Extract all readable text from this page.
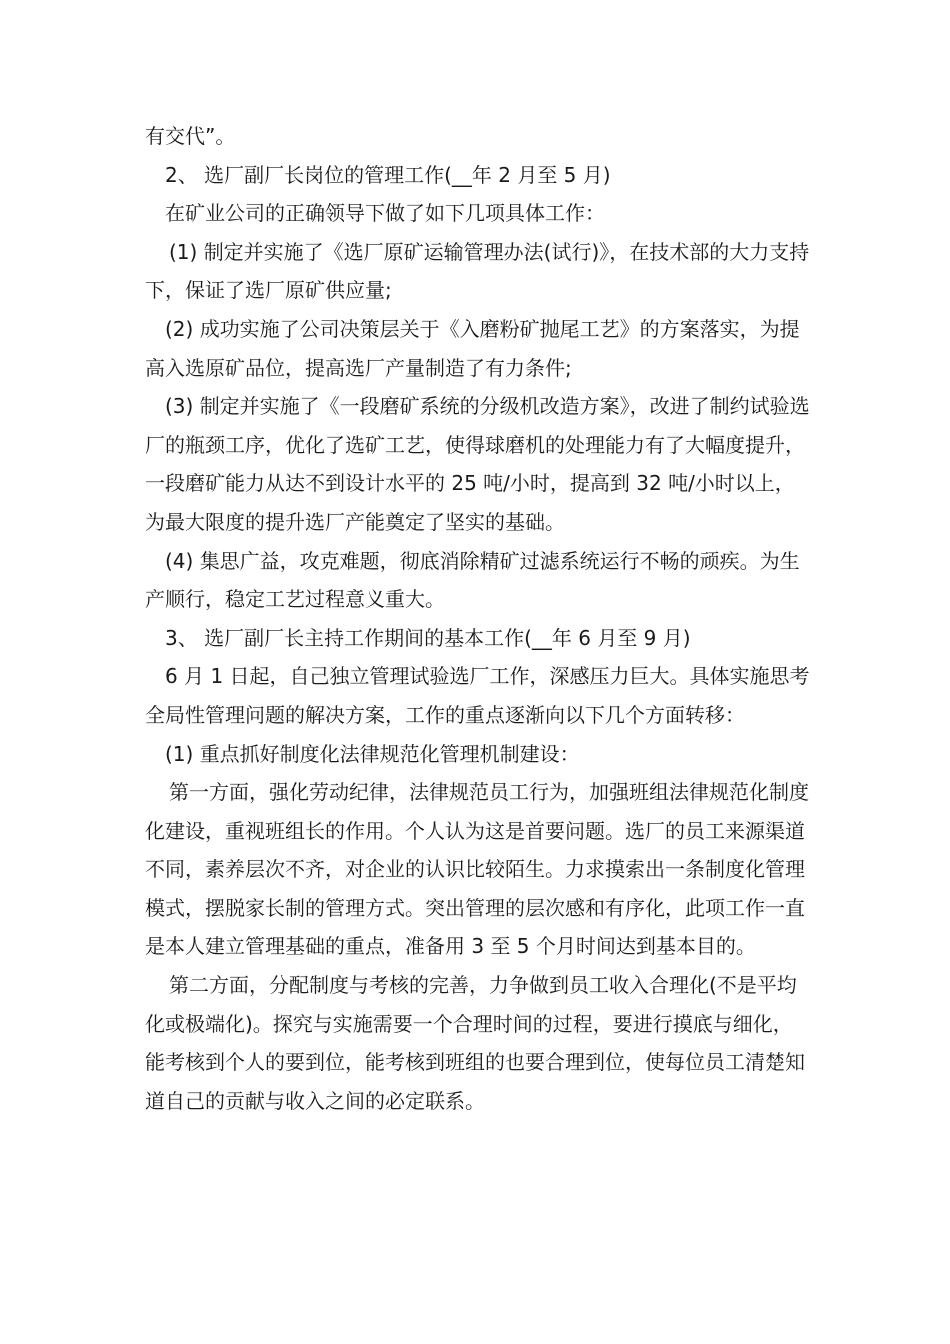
有交代”。

2、 选厂副厂长岗位的管理工作(__年 2 月至 5 月)

在矿业公司的正确领导下做了如下几项具体工作：

(1) 制定并实施了《选厂原矿运输管理办法(试行)》，在技术部的大力支持下，保证了选厂原矿供应量;

(2) 成功实施了公司决策层关于《入磨粉矿抛尾工艺》的方案落实，为提高入选原矿品位，提高选厂产量制造了有力条件;

(3) 制定并实施了《一段磨矿系统的分级机改造方案》，改进了制约试验选厂的瓶颈工序，优化了选矿工艺，使得球磨机的处理能力有了大幅度提升，一段磨矿能力从达不到设计水平的 25 吨/小时，提高到 32 吨/小时以上，为最大限度的提升选厂产能奠定了坚实的基础。

(4) 集思广益，攻克难题，彻底消除精矿过滤系统运行不畅的顽疾。为生产顺行，稳定工艺过程意义重大。

3、 选厂副厂长主持工作期间的基本工作(__年 6 月至 9 月)

6 月 1 日起，自己独立管理试验选厂工作，深感压力巨大。具体实施思考全局性管理问题的解决方案，工作的重点逐渐向以下几个方面转移：

(1) 重点抓好制度化法律规范化管理机制建设：

第一方面，强化劳动纪律，法律规范员工行为，加强班组法律规范化制度化建设，重视班组长的作用。个人认为这是首要问题。选厂的员工来源渠道不同，素养层次不齐，对企业的认识比较陌生。力求摸索出一条制度化管理模式，摆脱家长制的管理方式。突出管理的层次感和有序化，此项工作一直是本人建立管理基础的重点，准备用 3 至 5 个月时间达到基本目的。

第二方面，分配制度与考核的完善，力争做到员工收入合理化(不是平均化或极端化)。探究与实施需要一个合理时间的过程，要进行摸底与细化，能考核到个人的要到位，能考核到班组的也要合理到位，使每位员工清楚知道自己的贡献与收入之间的必定联系。
